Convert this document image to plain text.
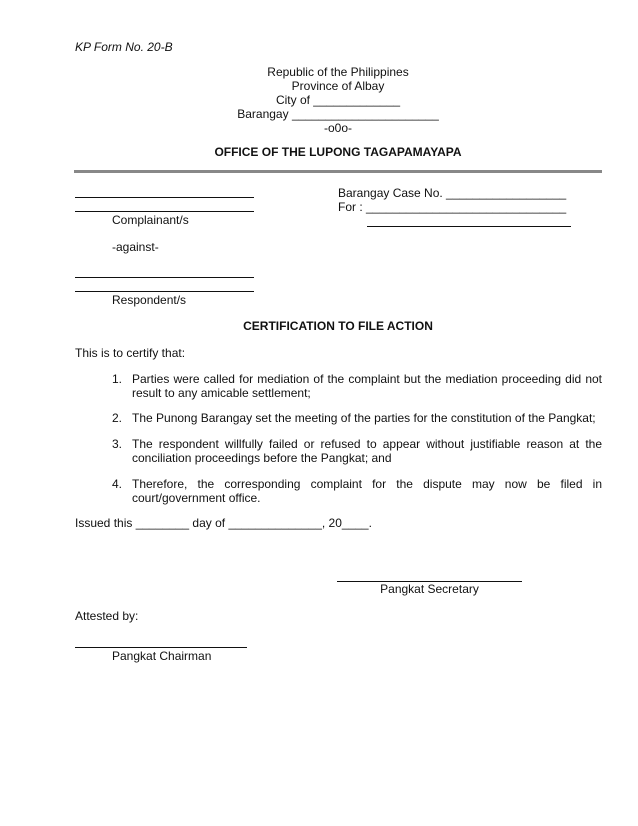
KP Form No. 20-B
Republic of the Philippines
Province of Albay
City of _____________
Barangay ______________________
-o0o-
OFFICE OF THE LUPONG TAGAPAMAYAPA
Complainant/s
-against-
Respondent/s
Barangay Case No. __________________
For : ______________________________
CERTIFICATION TO FILE ACTION
This is to certify that:
1. Parties were called for mediation of the complaint but the mediation proceeding did not result to any amicable settlement;
2. The Punong Barangay set the meeting of the parties for the constitution of the Pangkat;
3. The respondent willfully failed or refused to appear without justifiable reason at the conciliation proceedings before the Pangkat; and
4. Therefore, the corresponding complaint for the dispute may now be filed in court/government office.
Issued this ________ day of ______________, 20____.
Pangkat Secretary
Attested by:
Pangkat Chairman
